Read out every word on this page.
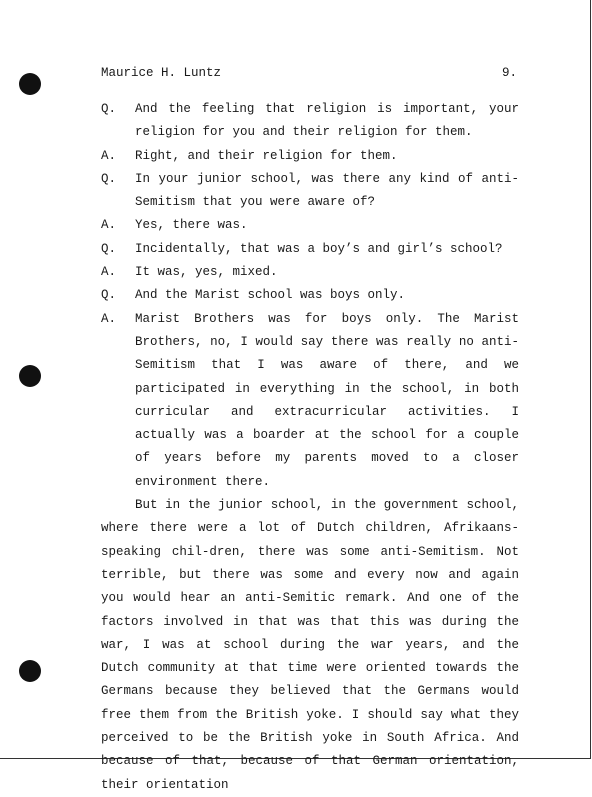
Maurice H. Luntz	9.

Q. And the feeling that religion is important, your religion for you and their religion for them.

A. Right, and their religion for them.

Q. In your junior school, was there any kind of anti-Semitism that you were aware of?

A. Yes, there was.

Q. Incidentally, that was a boy’s and girl’s school?

A. It was, yes, mixed.

Q. And the Marist school was boys only.

A. Marist Brothers was for boys only. The Marist Brothers, no, I would say there was really no anti-Semitism that I was aware of there, and we participated in everything in the school, in both curricular and extracurricular activities. I actually was a boarder at the school for a couple of years before my parents moved to a closer environment there.

But in the junior school, in the government school, where there were a lot of Dutch children, Afrikaans-speaking chil-dren, there was some anti-Semitism. Not terrible, but there was some and every now and again you would hear an anti-Semitic remark. And one of the factors involved in that was that this was during the war, I was at school during the war years, and the Dutch community at that time were oriented towards the Germans because they believed that the Germans would free them from the British yoke. I should say what they perceived to be the British yoke in South Africa. And because of that, because of that German orientation, their orientation
